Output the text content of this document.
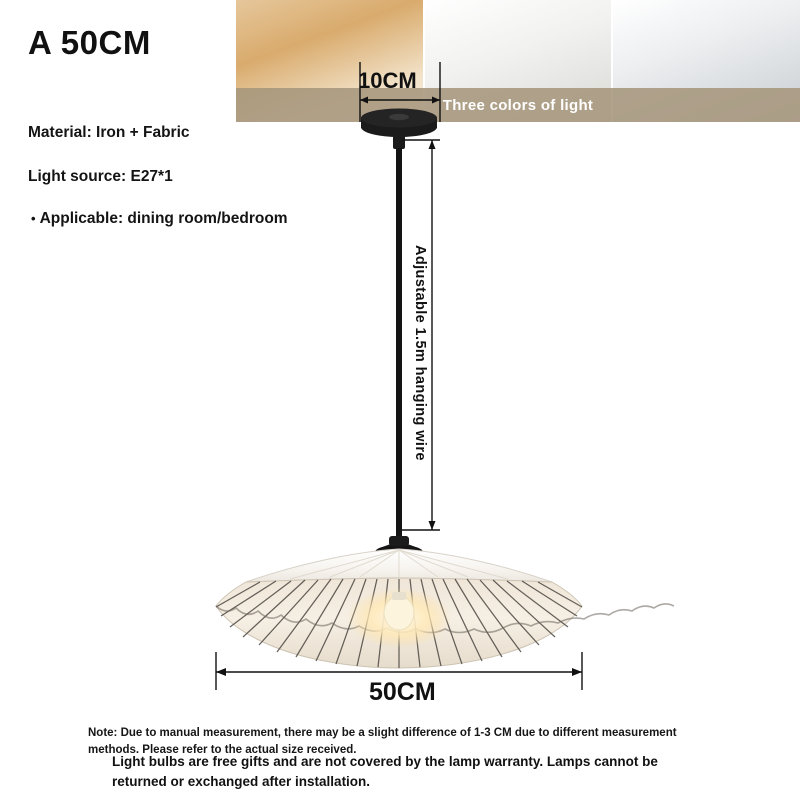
A 50CM
Material: Iron + Fabric
Light source: E27*1
• Applicable: dining room/bedroom
Three colors of light
10CM
Adjustable 1.5m hanging wire
50CM
Note: Due to manual measurement, there may be a slight difference of 1-3 CM due to different measurement methods. Please refer to the actual size received.
Light bulbs are free gifts and are not covered by the lamp warranty. Lamps cannot be returned or exchanged after installation.
